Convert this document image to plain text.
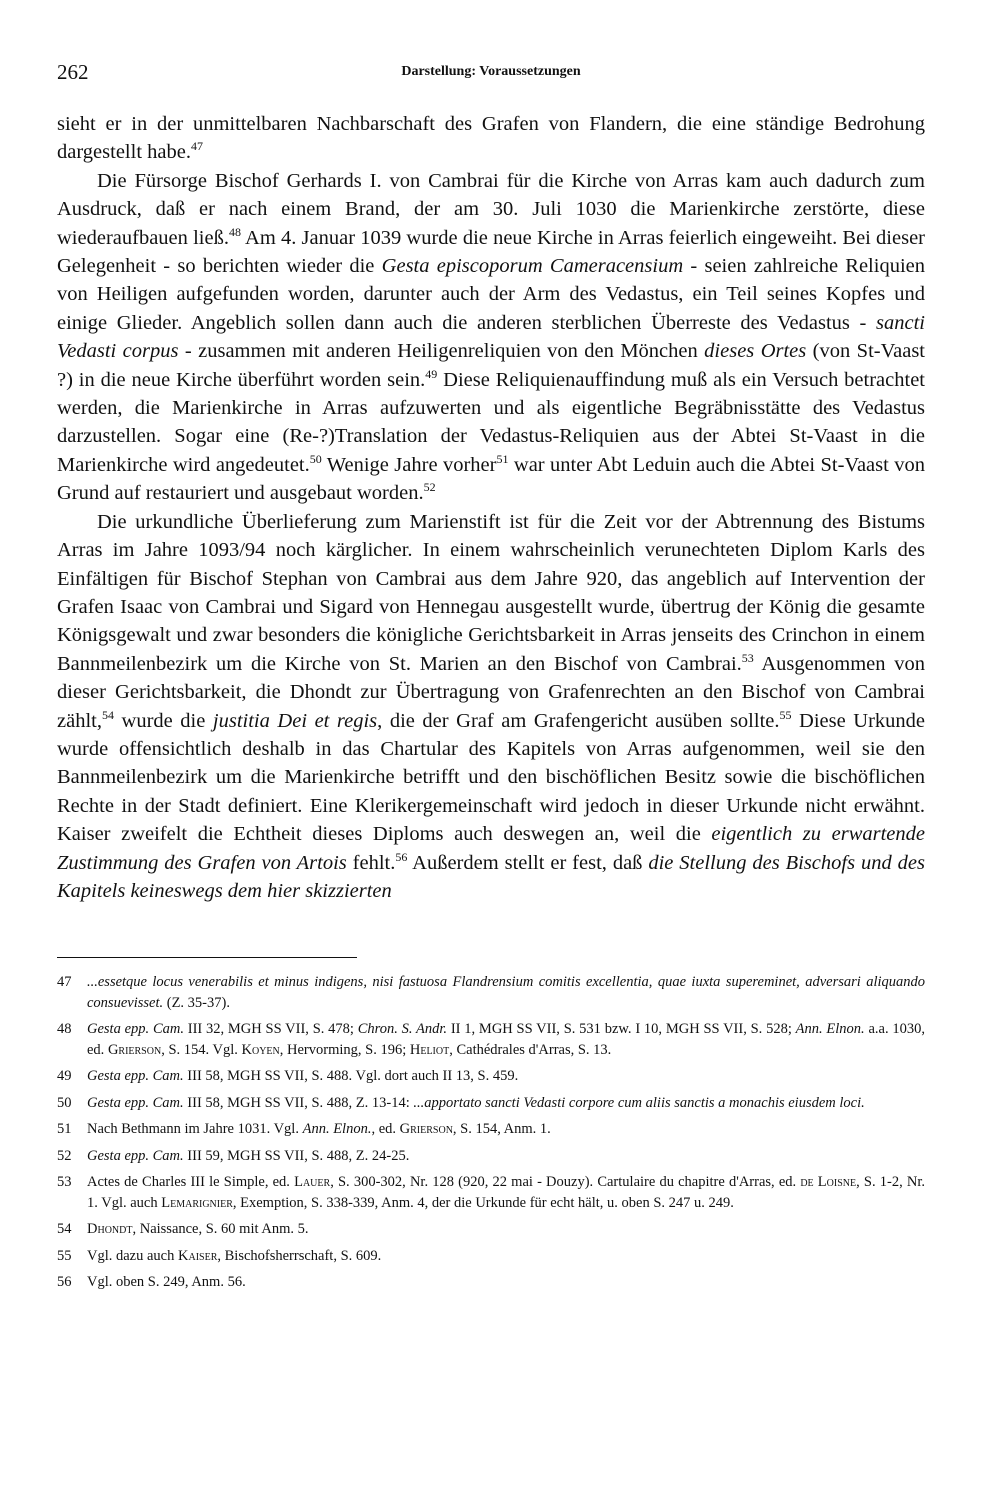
262	Darstellung: Voraussetzungen

sieht er in der unmittelbaren Nachbarschaft des Grafen von Flandern, die eine ständige Bedrohung dargestellt habe.$^{47}$

Die Fürsorge Bischof Gerhards I. von Cambrai für die Kirche von Arras kam auch dadurch zum Ausdruck, daß er nach einem Brand, der am 30. Juli 1030 die Marienkirche zerstörte, diese wiederaufbauen ließ.$^{48}$ Am 4. Januar 1039 wurde die neue Kirche in Arras feierlich eingeweiht. Bei dieser Gelegenheit - so berichten wieder die Gesta episcoporum Cameracensium - seien zahlreiche Reliquien von Heiligen aufgefunden worden, darunter auch der Arm des Vedastus, ein Teil seines Kopfes und einige Glieder. Angeblich sollen dann auch die anderen sterblichen Überreste des Vedastus - sancti Vedasti corpus - zusammen mit anderen Heiligenreliquien von den Mönchen dieses Ortes (von St-Vaast ?) in die neue Kirche überführt worden sein.$^{49}$ Diese Reliquienauffindung muß als ein Versuch betrachtet werden, die Marienkirche in Arras aufzuwerten und als eigentliche Begräbnisstätte des Vedastus darzustellen. Sogar eine (Re-?)Translation der Vedastus-Reliquien aus der Abtei St-Vaast in die Marienkirche wird angedeutet.$^{50}$ Wenige Jahre vorher$^{51}$ war unter Abt Leduin auch die Abtei St-Vaast von Grund auf restauriert und ausgebaut worden.$^{52}$

Die urkundliche Überlieferung zum Marienstift ist für die Zeit vor der Abtrennung des Bistums Arras im Jahre 1093/94 noch kärglicher. In einem wahrscheinlich verunechteten Diplom Karls des Einfältigen für Bischof Stephan von Cambrai aus dem Jahre 920, das angeblich auf Intervention der Grafen Isaac von Cambrai und Sigard von Hennegau ausgestellt wurde, übertrug der König die gesamte Königsgewalt und zwar besonders die königliche Gerichtsbarkeit in Arras jenseits des Crinchon in einem Bannmeilenbezirk um die Kirche von St. Marien an den Bischof von Cambrai.$^{53}$ Ausgenommen von dieser Gerichtsbarkeit, die Dhondt zur Übertragung von Grafenrechten an den Bischof von Cambrai zählt,$^{54}$ wurde die justitia Dei et regis, die der Graf am Grafengericht ausüben sollte.$^{55}$ Diese Urkunde wurde offensichtlich deshalb in das Chartular des Kapitels von Arras aufgenommen, weil sie den Bannmeilenbezirk um die Marienkirche betrifft und den bischöflichen Besitz sowie die bischöflichen Rechte in der Stadt definiert. Eine Klerikergemeinschaft wird jedoch in dieser Urkunde nicht erwähnt. Kaiser zweifelt die Echtheit dieses Diploms auch deswegen an, weil die eigentlich zu erwartende Zustimmung des Grafen von Artois fehlt.$^{56}$ Außerdem stellt er fest, daß die Stellung des Bischofs und des Kapitels keineswegs dem hier skizzierten

47 ...essetque locus venerabilis et minus indigens, nisi fastuosa Flandrensium comitis excellentia, quae iuxta supereminet, adversari aliquando consuevisset. (Z. 35-37).
48 Gesta epp. Cam. III 32, MGH SS VII, S. 478; Chron. S. Andr. II 1, MGH SS VII, S. 531 bzw. I 10, MGH SS VII, S. 528; Ann. Elnon. a.a. 1030, ed. Grierson, S. 154. Vgl. Koyen, Hervorming, S. 196; Heliot, Cathédrales d'Arras, S. 13.
49 Gesta epp. Cam. III 58, MGH SS VII, S. 488. Vgl. dort auch II 13, S. 459.
50 Gesta epp. Cam. III 58, MGH SS VII, S. 488, Z. 13-14: ...apportato sancti Vedasti corpore cum aliis sanctis a monachis eiusdem loci.
51 Nach Bethmann im Jahre 1031. Vgl. Ann. Elnon., ed. Grierson, S. 154, Anm. 1.
52 Gesta epp. Cam. III 59, MGH SS VII, S. 488, Z. 24-25.
53 Actes de Charles III le Simple, ed. Lauer, S. 300-302, Nr. 128 (920, 22 mai - Douzy). Cartulaire du chapitre d'Arras, ed. de Loisne, S. 1-2, Nr. 1. Vgl. auch Lemarignier, Exemption, S. 338-339, Anm. 4, der die Urkunde für echt hält, u. oben S. 247 u. 249.
54 Dhondt, Naissance, S. 60 mit Anm. 5.
55 Vgl. dazu auch Kaiser, Bischofsherrschaft, S. 609.
56 Vgl. oben S. 249, Anm. 56.
